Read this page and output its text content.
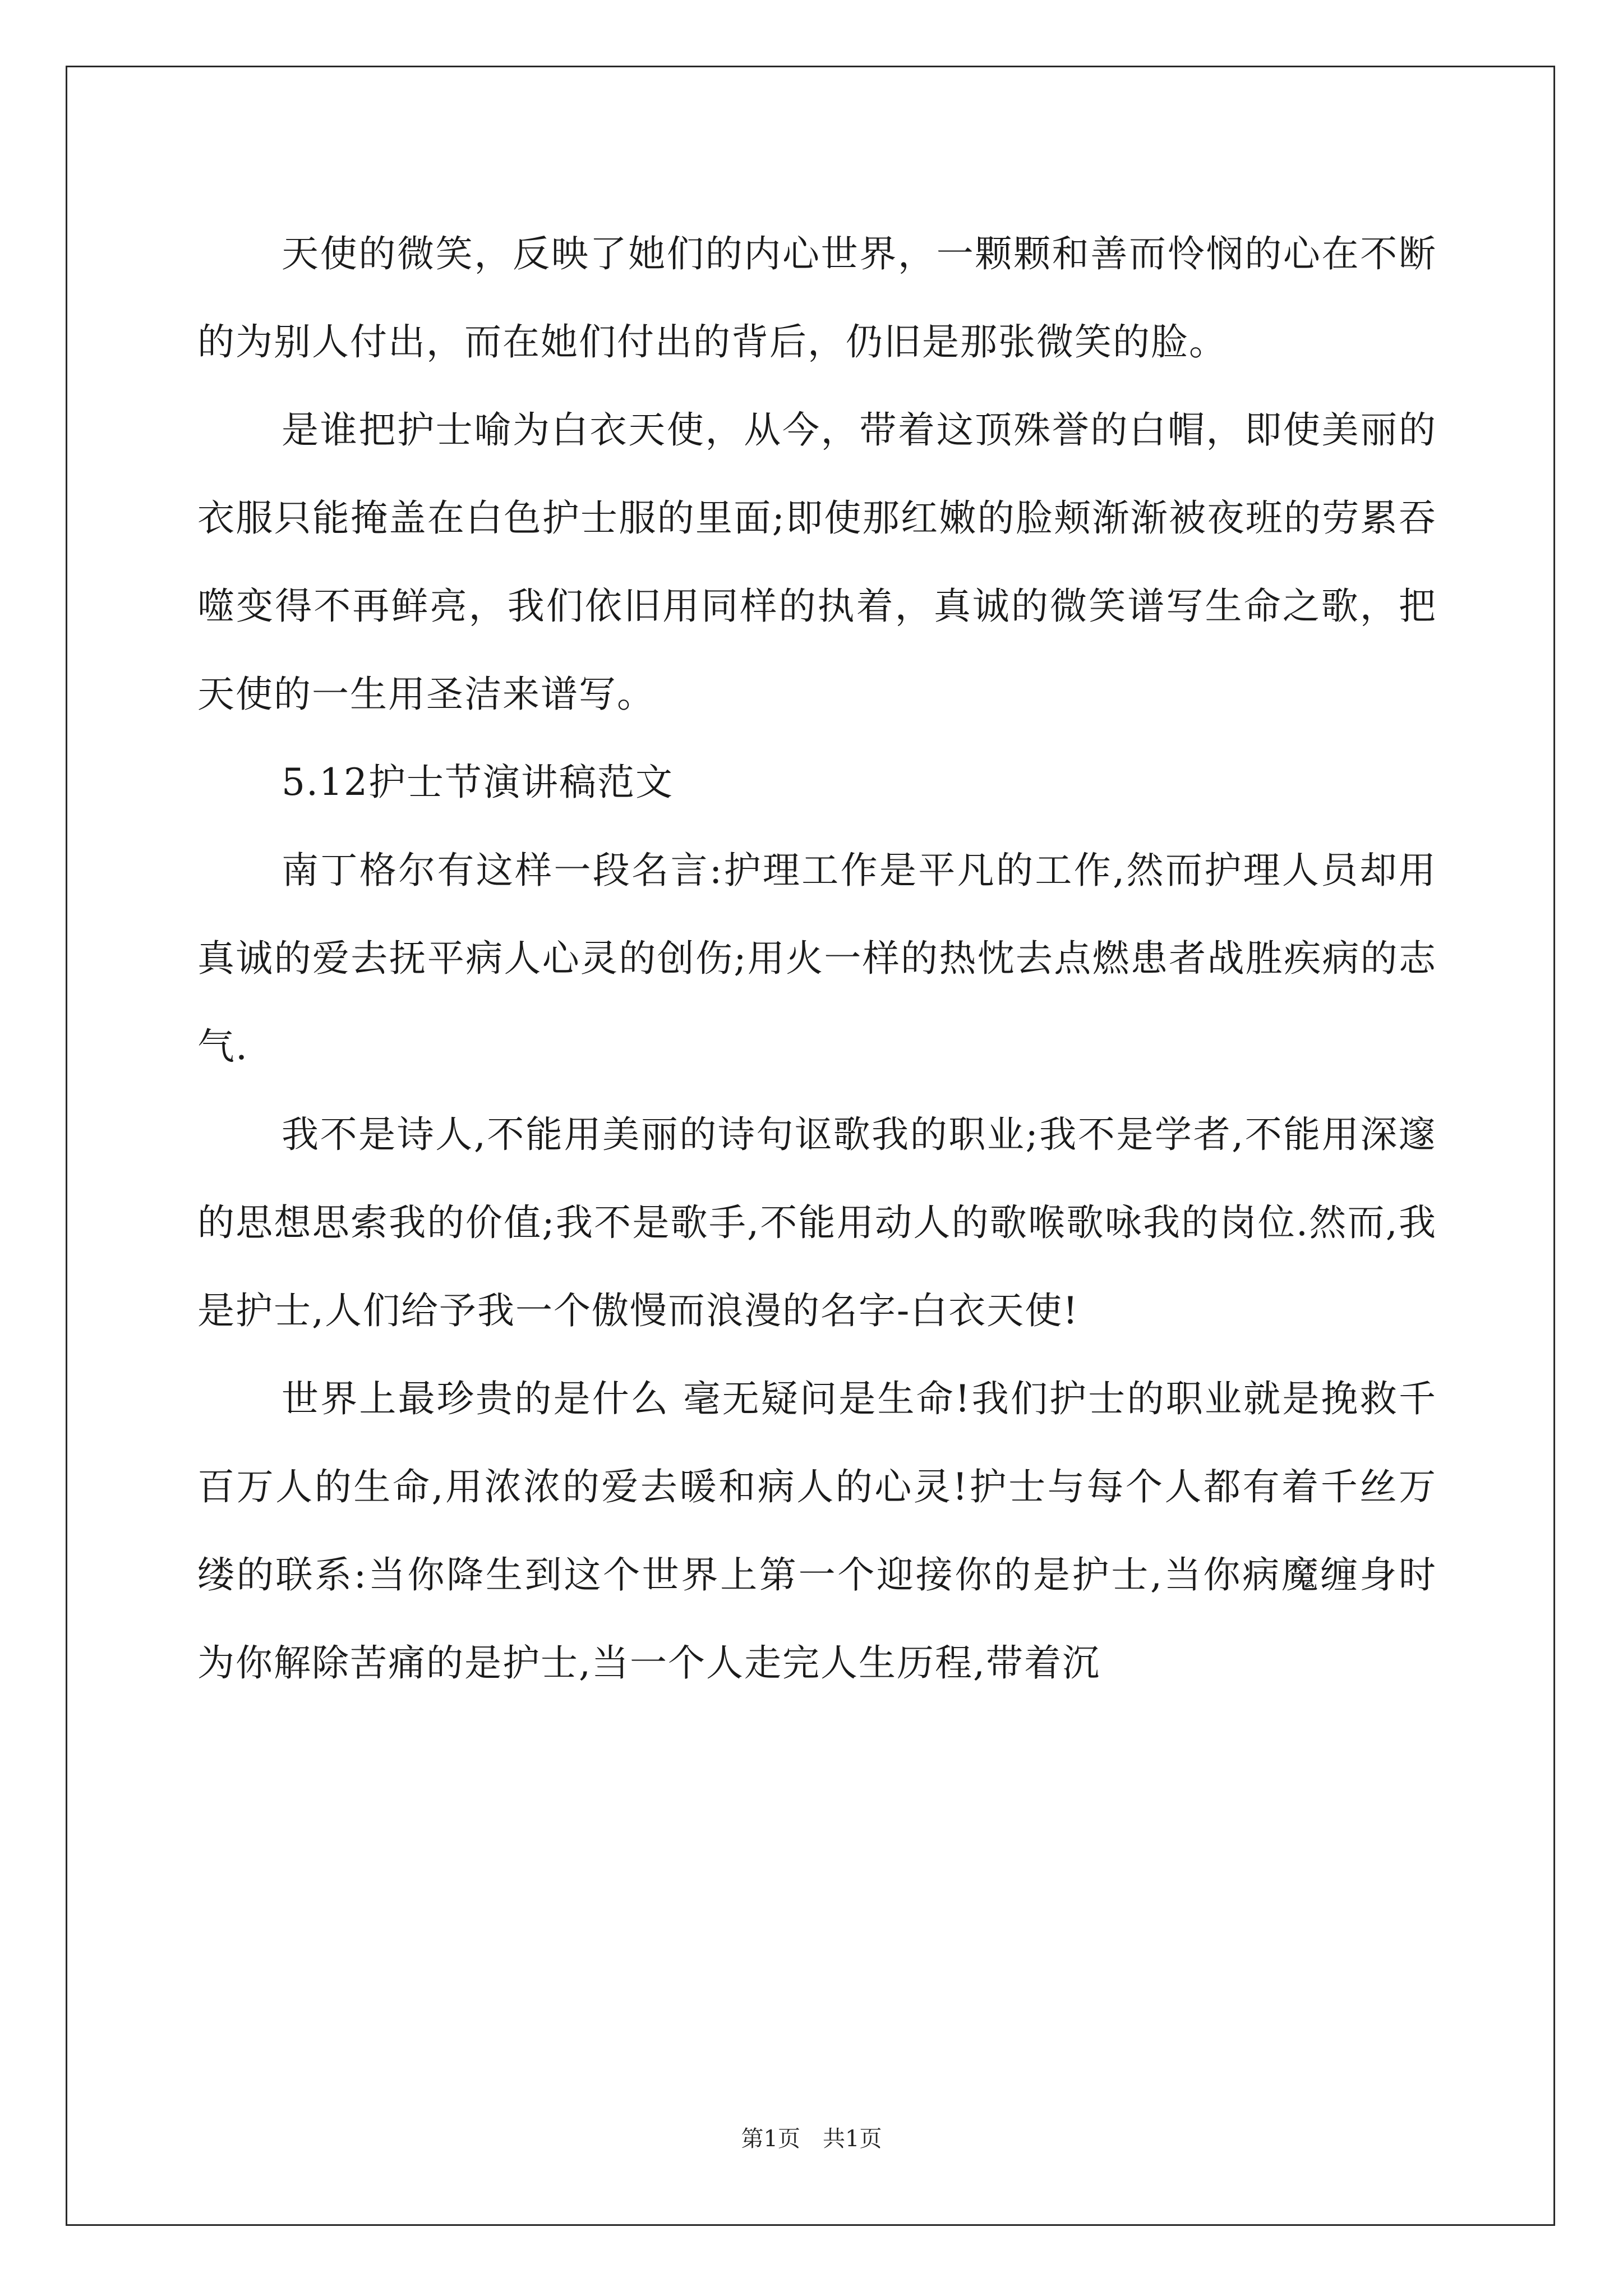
天使的微笑，反映了她们的内心世界，一颗颗和善而怜悯的心在不断的为别人付出，而在她们付出的背后，仍旧是那张微笑的脸。

是谁把护士喻为白衣天使，从今，带着这顶殊誉的白帽，即使美丽的衣服只能掩盖在白色护士服的里面;即使那红嫩的脸颊渐渐被夜班的劳累吞噬变得不再鲜亮，我们依旧用同样的执着，真诚的微笑谱写生命之歌，把天使的一生用圣洁来谱写。

5.12护士节演讲稿范文

南丁格尔有这样一段名言:护理工作是平凡的工作,然而护理人员却用真诚的爱去抚平病人心灵的创伤;用火一样的热忱去点燃患者战胜疾病的志气.

我不是诗人,不能用美丽的诗句讴歌我的职业;我不是学者,不能用深邃的思想思索我的价值;我不是歌手,不能用动人的歌喉歌咏我的岗位.然而,我是护士,人们给予我一个傲慢而浪漫的名字-白衣天使!

世界上最珍贵的是什么 毫无疑问是生命!我们护士的职业就是挽救千百万人的生命,用浓浓的爱去暖和病人的心灵!护士与每个人都有着千丝万缕的联系:当你降生到这个世界上第一个迎接你的是护士,当你病魔缠身时为你解除苦痛的是护士,当一个人走完人生历程,带着沉

第1页　共1页
